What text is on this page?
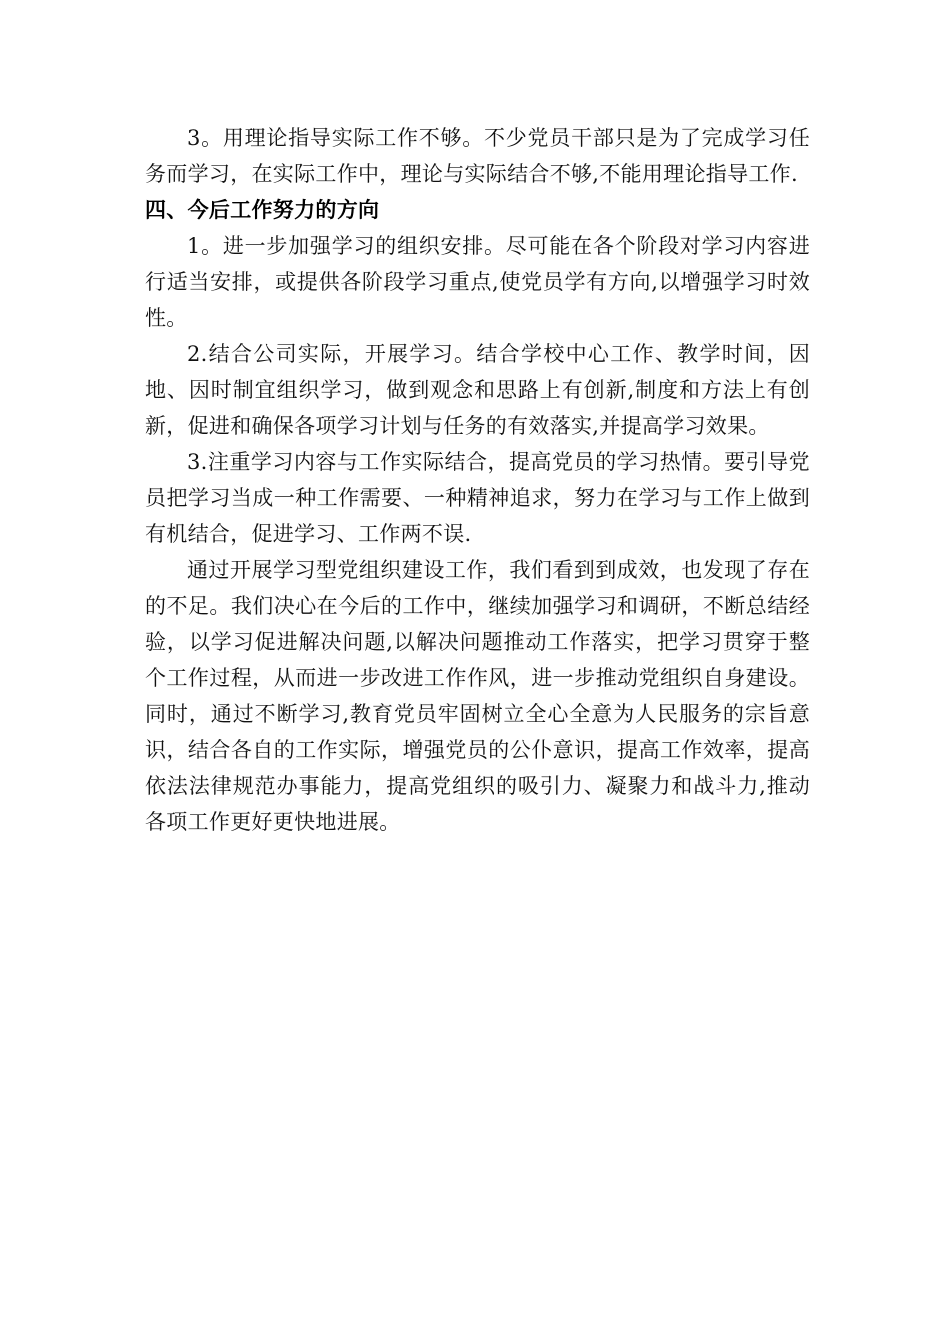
3。用理论指导实际工作不够。不少党员干部只是为了完成学习任务而学习，在实际工作中，理论与实际结合不够,不能用理论指导工作.

四、今后工作努力的方向

1。进一步加强学习的组织安排。尽可能在各个阶段对学习内容进行适当安排，或提供各阶段学习重点,使党员学有方向,以增强学习时效性。

2.结合公司实际，开展学习。结合学校中心工作、教学时间，因地、因时制宜组织学习，做到观念和思路上有创新,制度和方法上有创新，促进和确保各项学习计划与任务的有效落实,并提高学习效果。

3.注重学习内容与工作实际结合，提高党员的学习热情。要引导党员把学习当成一种工作需要、一种精神追求，努力在学习与工作上做到有机结合，促进学习、工作两不误.

通过开展学习型党组织建设工作，我们看到到成效，也发现了存在的不足。我们决心在今后的工作中，继续加强学习和调研，不断总结经验，以学习促进解决问题,以解决问题推动工作落实，把学习贯穿于整个工作过程，从而进一步改进工作作风，进一步推动党组织自身建设。同时，通过不断学习,教育党员牢固树立全心全意为人民服务的宗旨意识，结合各自的工作实际，增强党员的公仆意识，提高工作效率，提高依法法律规范办事能力，提高党组织的吸引力、凝聚力和战斗力,推动各项工作更好更快地进展。
